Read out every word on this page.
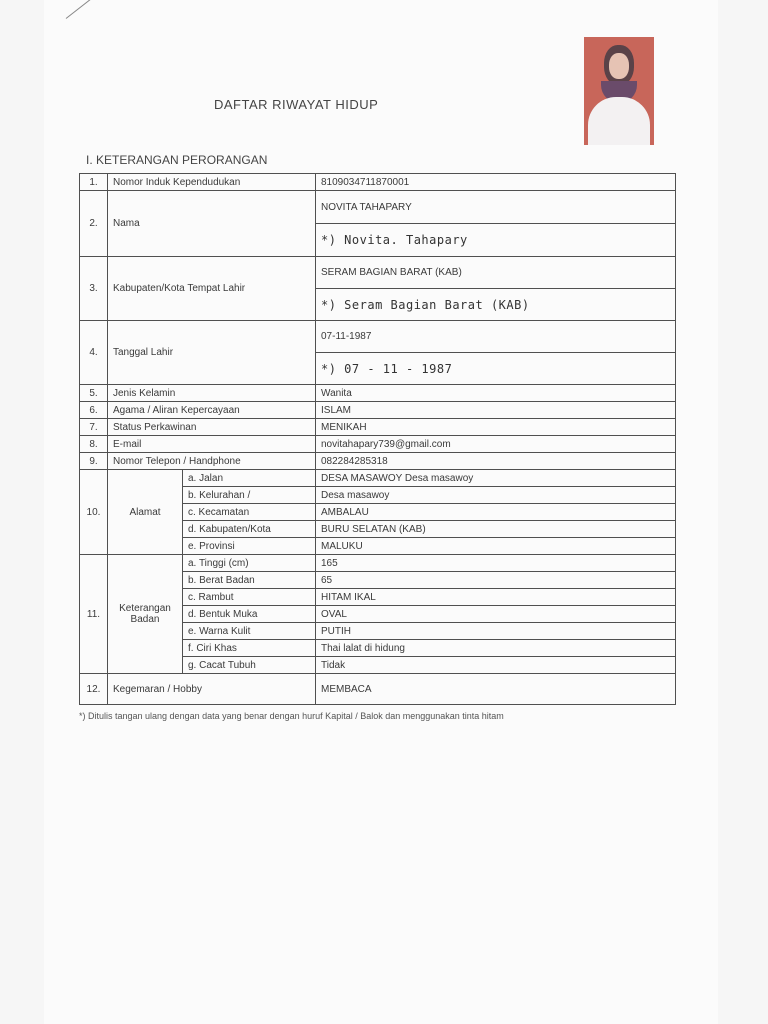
DAFTAR RIWAYAT HIDUP
I. KETERANGAN PERORANGAN
1.	Nomor Induk Kependudukan		8109034711870001
2.	Nama		NOVITA TAHAPARY
			*) Novita. Tahapary
3.	Kabupaten/Kota Tempat Lahir		SERAM BAGIAN BARAT (KAB)
			*) Seram Bagian Barat (KAB)
4.	Tanggal Lahir		07-11-1987
			*) 07 - 11 - 1987
5.	Jenis Kelamin		Wanita
6.	Agama / Aliran Kepercayaan		ISLAM
7.	Status Perkawinan		MENIKAH
8.	E-mail		novitahapary739@gmail.com
9.	Nomor Telepon / Handphone		082284285318
10.	Alamat	a. Jalan	DESA MASAWOY Desa masawoy
		b. Kelurahan /	Desa masawoy
		c. Kecamatan	AMBALAU
		d. Kabupaten/Kota	BURU SELATAN (KAB)
		e. Provinsi	MALUKU
11.	Keterangan Badan	a. Tinggi (cm)	165
		b. Berat Badan	65
		c. Rambut	HITAM IKAL
		d. Bentuk Muka	OVAL
		e. Warna Kulit	PUTIH
		f. Ciri Khas	Thai lalat di hidung
		g. Cacat Tubuh	Tidak
12.	Kegemaran / Hobby		MEMBACA
*) Ditulis tangan ulang dengan data yang benar dengan huruf Kapital / Balok dan menggunakan tinta hitam
